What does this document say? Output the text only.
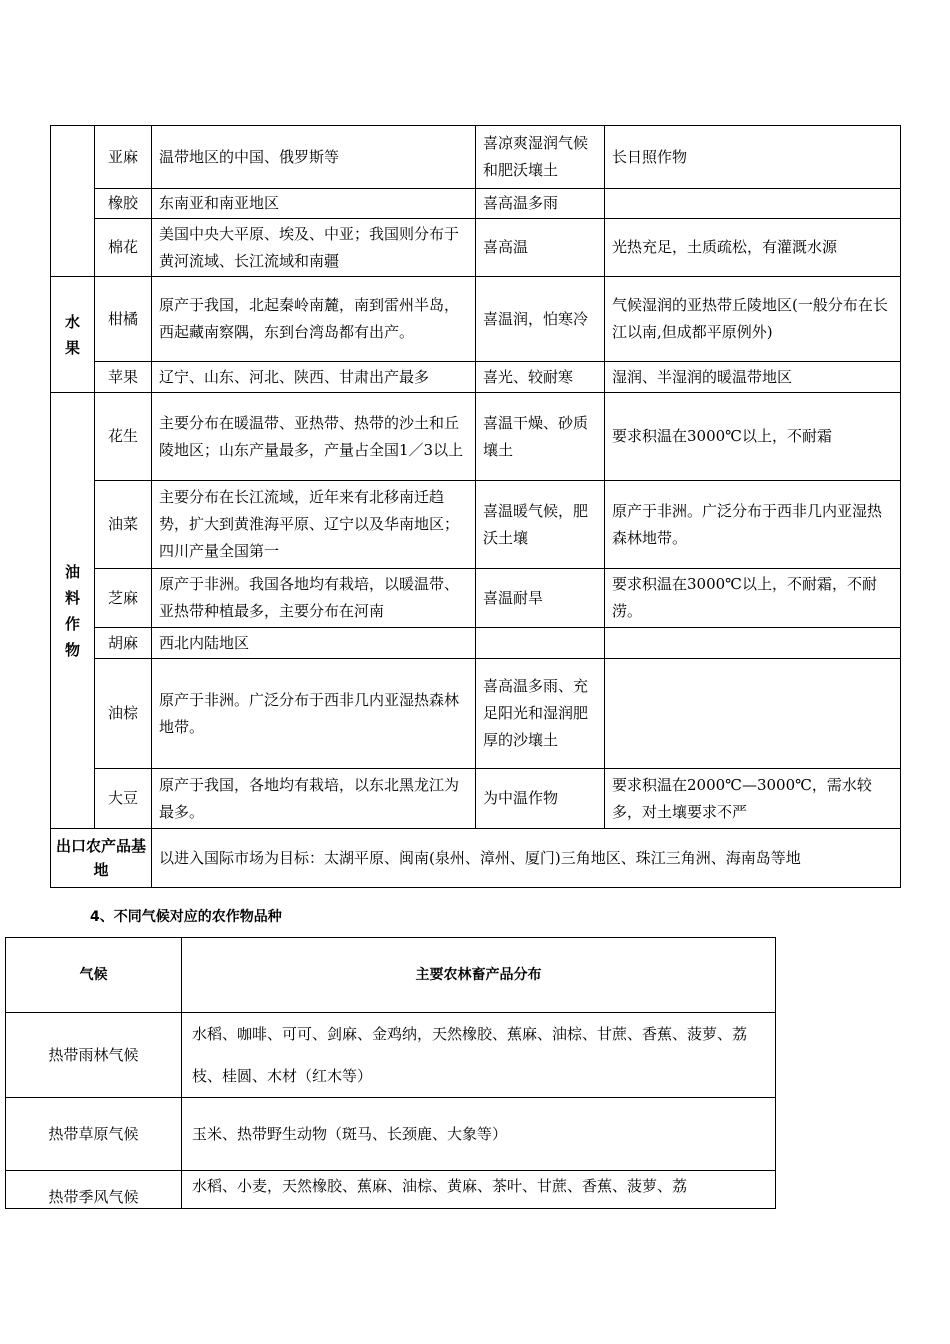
	亚麻	温带地区的中国、俄罗斯等	喜凉爽湿润气候和肥沃壤土	长日照作物
	橡胶	东南亚和南亚地区	喜高温多雨	
	棉花	美国中央大平原、埃及、中亚；我国则分布于黄河流域、长江流域和南疆	喜高温	光热充足，土质疏松，有灌溉水源

水
果	柑橘	原产于我国，北起秦岭南麓，南到雷州半岛，西起藏南察隅，东到台湾岛都有出产。	喜温润，怕寒冷	气候湿润的亚热带丘陵地区(一般分布在长江以南,但成都平原例外)
	苹果	辽宁、山东、河北、陕西、甘肃出产最多	喜光、较耐寒	湿润、半湿润的暖温带地区

油
料
作
物	花生	主要分布在暖温带、亚热带、热带的沙土和丘陵地区；山东产量最多，产量占全国1／3以上	喜温干燥、砂质壤土	要求积温在3000℃以上，不耐霜
	油菜	主要分布在长江流域，近年来有北移南迁趋势，扩大到黄淮海平原、辽宁以及华南地区；四川产量全国第一	喜温暖气候，肥沃土壤	原产于非洲。广泛分布于西非几内亚湿热森林地带。
	芝麻	原产于非洲。我国各地均有栽培，以暖温带、亚热带种植最多，主要分布在河南	喜温耐旱	要求积温在3000℃以上，不耐霜，不耐涝。
	胡麻	西北内陆地区		
	油棕	原产于非洲。广泛分布于西非几内亚湿热森林地带。	喜高温多雨、充足阳光和湿润肥厚的沙壤土	
	大豆	原产于我国，各地均有栽培，以东北黑龙江为最多。	为中温作物	要求积温在2000℃—3000℃，需水较多，对土壤要求不严
出口农产品基地		以进入国际市场为目标：太湖平原、闽南(泉州、漳州、厦门)三角地区、珠江三角洲、海南岛等地		
4、不同气候对应的农作物品种
气候	主要农林畜产品分布
热带雨林气候	水稻、咖啡、可可、剑麻、金鸡纳，天然橡胶、蕉麻、油棕、甘蔗、香蕉、菠萝、荔枝、桂圆、木材（红木等）
热带草原气候	玉米、热带野生动物（斑马、长颈鹿、大象等）
热带季风气候	水稻、小麦，天然橡胶、蕉麻、油棕、黄麻、茶叶、甘蔗、香蕉、菠萝、荔
